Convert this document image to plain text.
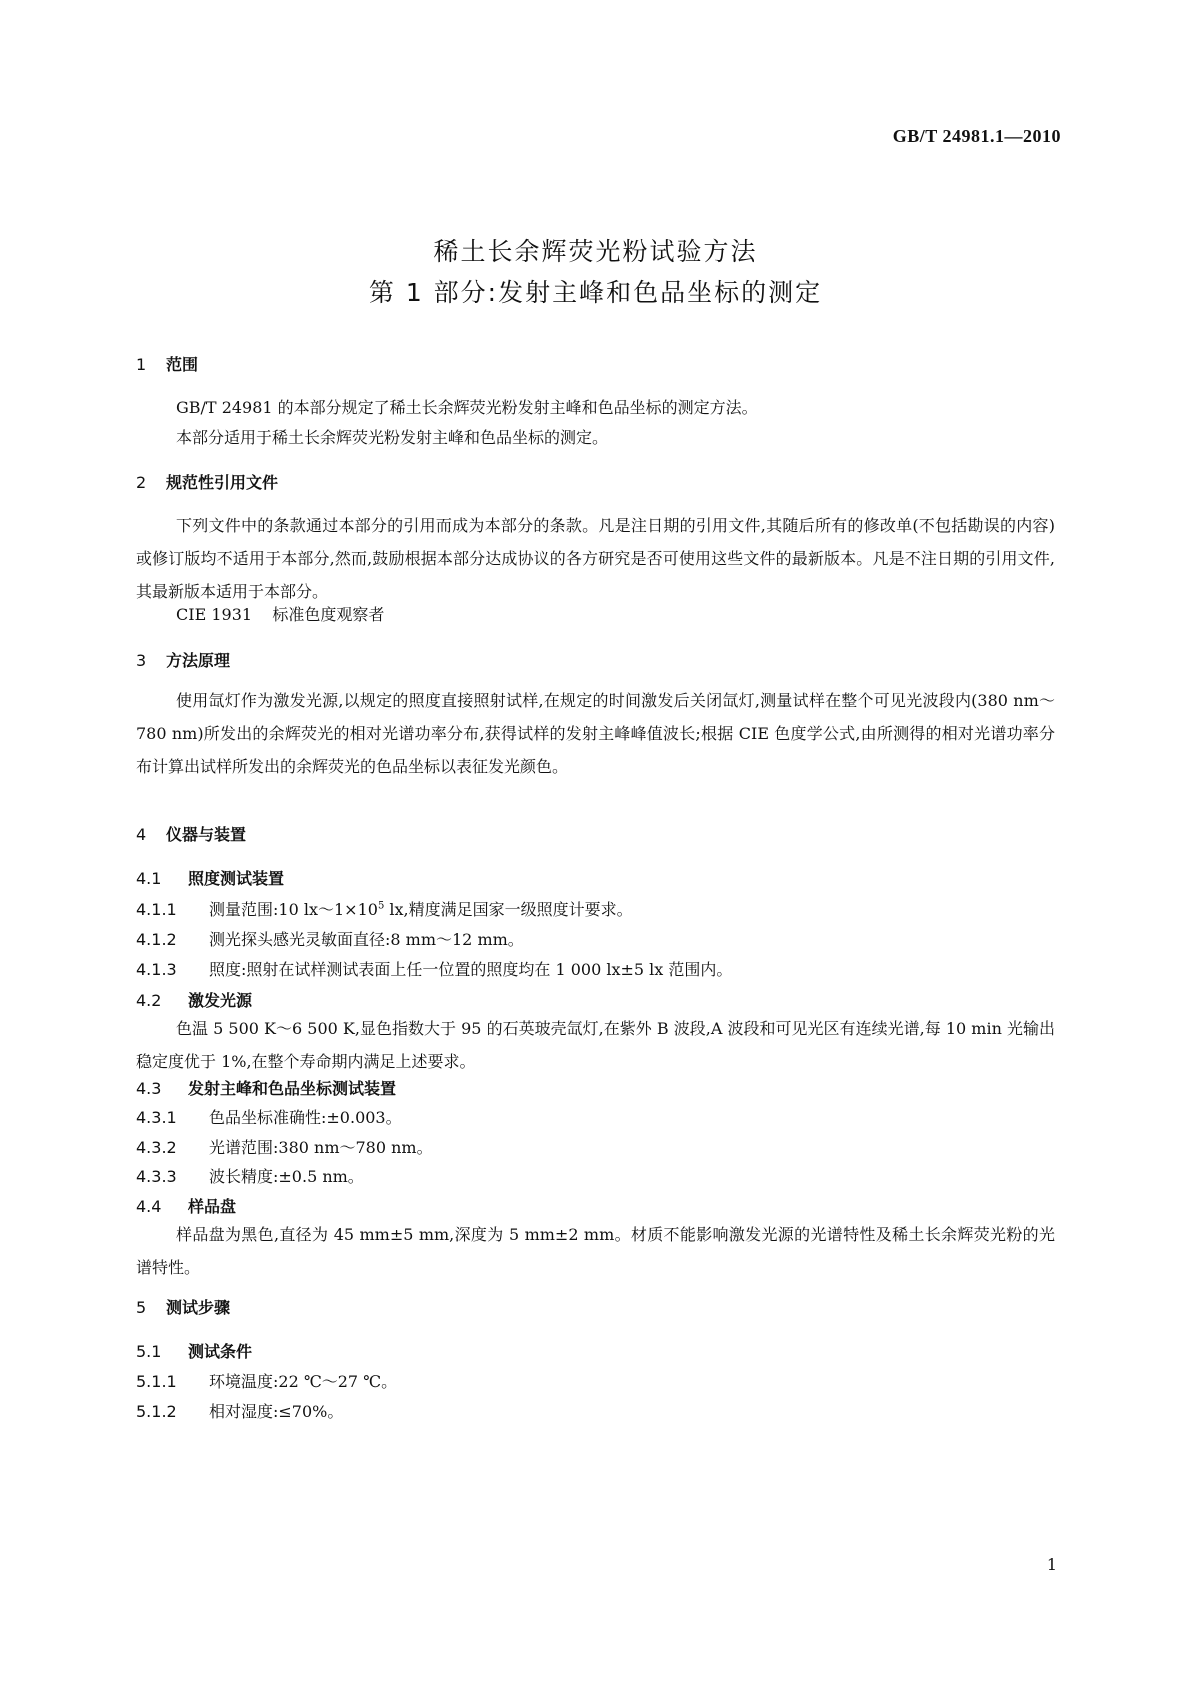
GB/T 24981.1—2010
稀土长余辉荧光粉试验方法
第 1 部分:发射主峰和色品坐标的测定
1 范围
GB/T 24981 的本部分规定了稀土长余辉荧光粉发射主峰和色品坐标的测定方法。
本部分适用于稀土长余辉荧光粉发射主峰和色品坐标的测定。
2 规范性引用文件
下列文件中的条款通过本部分的引用而成为本部分的条款。凡是注日期的引用文件,其随后所有的修改单(不包括勘误的内容)或修订版均不适用于本部分,然而,鼓励根据本部分达成协议的各方研究是否可使用这些文件的最新版本。凡是不注日期的引用文件,其最新版本适用于本部分。
CIE 1931 标准色度观察者
3 方法原理
使用氙灯作为激发光源,以规定的照度直接照射试样,在规定的时间激发后关闭氙灯,测量试样在整个可见光波段内(380 nm～780 nm)所发出的余辉荧光的相对光谱功率分布,获得试样的发射主峰峰值波长;根据 CIE 色度学公式,由所测得的相对光谱功率分布计算出试样所发出的余辉荧光的色品坐标以表征发光颜色。
4 仪器与装置
4.1 照度测试装置
4.1.1 测量范围:10 $lx\sim 1\times 10^5$ lx,精度满足国家一级照度计要求。
4.1.2 测光探头感光灵敏面直径:8 mm～12 mm。
4.1.3 照度:照射在试样测试表面上任一位置的照度均在 1 000 lx±5 lx 范围内。
4.2 激发光源
色温 5 500 K～6 500 K,显色指数大于 95 的石英玻壳氙灯,在紫外 B 波段,A 波段和可见光区有连续光谱,每 10 min 光输出稳定度优于 1%,在整个寿命期内满足上述要求。
4.3 发射主峰和色品坐标测试装置
4.3.1 色品坐标准确性:±0.003。
4.3.2 光谱范围:380 nm～780 nm。
4.3.3 波长精度:±0.5 nm。
4.4 样品盘
样品盘为黑色,直径为 45 mm±5 mm,深度为 5 mm±2 mm。材质不能影响激发光源的光谱特性及稀土长余辉荧光粉的光谱特性。
5 测试步骤
5.1 测试条件
5.1.1 环境温度:22 ℃～27 ℃。
5.1.2 相对湿度:≤70%。
1
